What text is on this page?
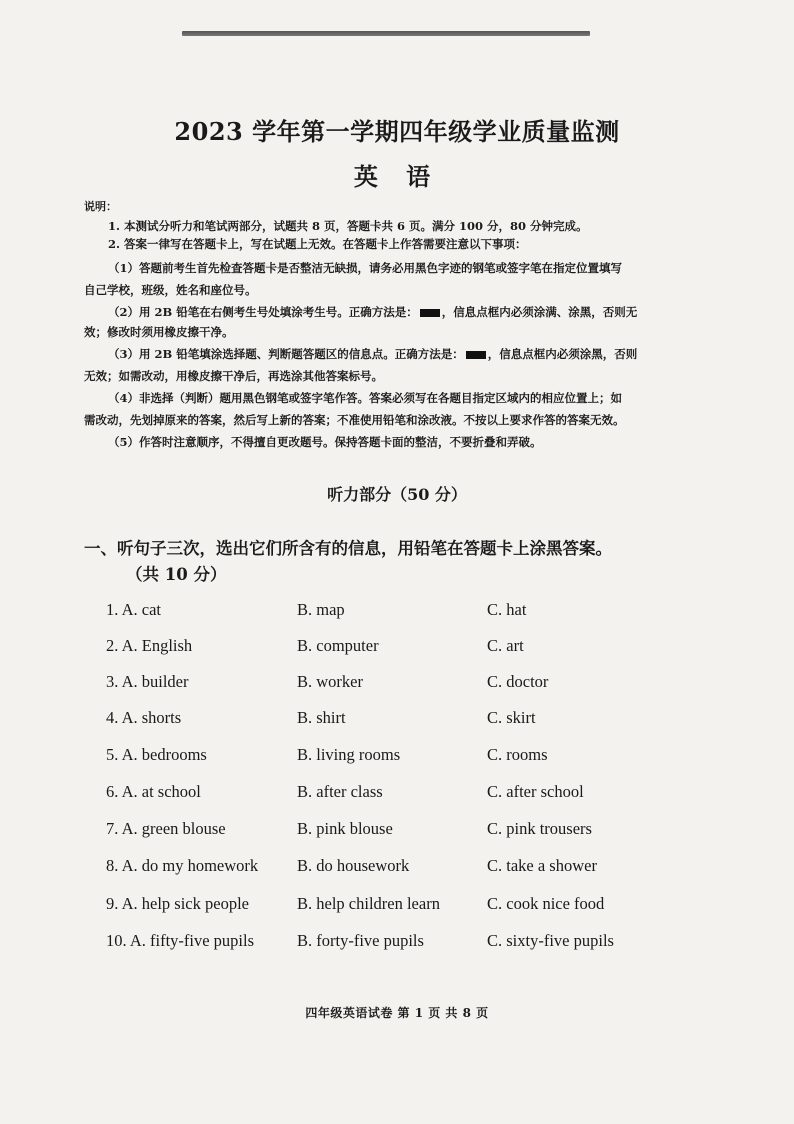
2023 学年第一学期四年级学业质量监测
英 语
说明：
1. 本测试分听力和笔试两部分，试题共 8 页，答题卡共 6 页。满分 100 分，80 分钟完成。
2. 答案一律写在答题卡上，写在试题上无效。在答题卡上作答需要注意以下事项：
（1）答题前考生首先检查答题卡是否整洁无缺损，请务必用黑色字迹的钢笔或签字笔在指定位置填写
自己学校，班级，姓名和座位号。
（2）用 2B 铅笔在右侧考生号处填涂考生号。正确方法是： ，信息点框内必须涂满、涂黑，否则无
效；修改时须用橡皮擦干净。
（3）用 2B 铅笔填涂选择题、判断题答题区的信息点。正确方法是： ，信息点框内必须涂黑，否则
无效；如需改动，用橡皮擦干净后，再选涂其他答案标号。
（4）非选择（判断）题用黑色钢笔或签字笔作答。答案必须写在各题目指定区域内的相应位置上；如
需改动，先划掉原来的答案，然后写上新的答案；不准使用铅笔和涂改液。不按以上要求作答的答案无效。
（5）作答时注意顺序，不得擅自更改题号。保持答题卡面的整洁，不要折叠和弄破。
听力部分（50 分）
一、听句子三次，选出它们所含有的信息，用铅笔在答题卡上涂黑答案。
（共 10 分）
1. A. cat	B. map	C. hat
2. A. English	B. computer	C. art
3. A. builder	B. worker	C. doctor
4. A. shorts	B. shirt	C. skirt
5. A. bedrooms	B. living rooms	C. rooms
6. A. at school	B. after class	C. after school
7. A. green blouse	B. pink blouse	C. pink trousers
8. A. do my homework B. do housework	C. take a shower
9. A. help sick people	B. help children learn	C. cook nice food
10. A. fifty-five pupils	B. forty-five pupils	C. sixty-five pupils
四年级英语试卷 第 1 页 共 8 页
